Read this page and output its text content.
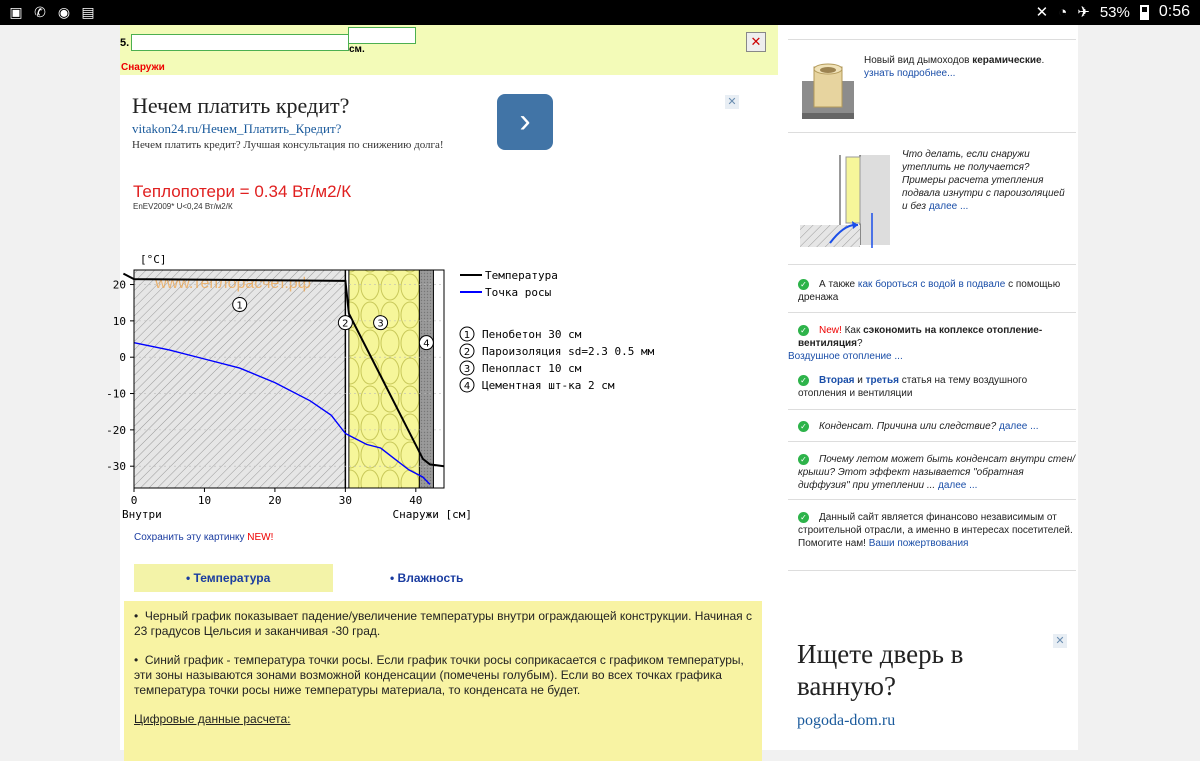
▣ ✆ ◉ ▤	✕ ◔ ✈ 53% 0:56
5.
см.
✕
Снаружи
Нечем платить кредит?
vitakon24.ru/Нечем_Платить_Кредит?
Нечем платить кредит? Лучшая консультация по снижению долга!
›	✕
Теплопотери = 0.34 Вт/м2/К
EnEV2009* U<0,24 Вт/м2/К
[°C]
www.теплорасчет.рф
0	10	20	30	40
20
10
0
-10
-20
-30
1
2	3
4
Температура
Точка росы
1 Пенобетон 30 см
2 Пароизоляция sd=2.3 0.5 мм
3 Пенопласт 10 см
4 Цементная шт-ка 2 см
Внутри	Снаружи [см]
Сохранить эту картинку NEW!
• Температура	• Влажность

•  Черный график показывает падение/увеличение температуры внутри ограждающей конструкции. Начиная с 23 градусов Цельсия и заканчивая -30 град.

•  Синий график - температура точки росы. Если график точки росы соприкасается с графиком температуры, эти зоны называются зонами возможной конденсации (помечены голубым). Если во всех точках графика температура точки росы ниже температуры материала, то конденсата не будет.

Цифровые данные расчета:
Новый вид дымоходов керамические.
узнать подробнее...
Что делать, если снаружи утеплить не получается? Примеры расчета утепления подвала изнутри с пароизоляцией и без далее ...
✓ А также как бороться с водой в подвале с помощью дренажа
✓ New! Как сэкономить на коплексе отопление-вентиляция?
Воздушное отопление ...
✓ Вторая и третья статья на тему воздушного отопления и вентиляции
✓ Конденсат. Причина или следствие? далее ...
✓ Почему летом может быть конденсат внутри стен/крыши? Этот эффект называется "обратная диффузия" при утеплении ... далее ...
✓ Данный сайт является финансово независимым от строительной отрасли, а именно в интересах посетителей. Помогите нам! Ваши пожертвования
✕
Ищете дверь в ванную?
pogoda-dom.ru
